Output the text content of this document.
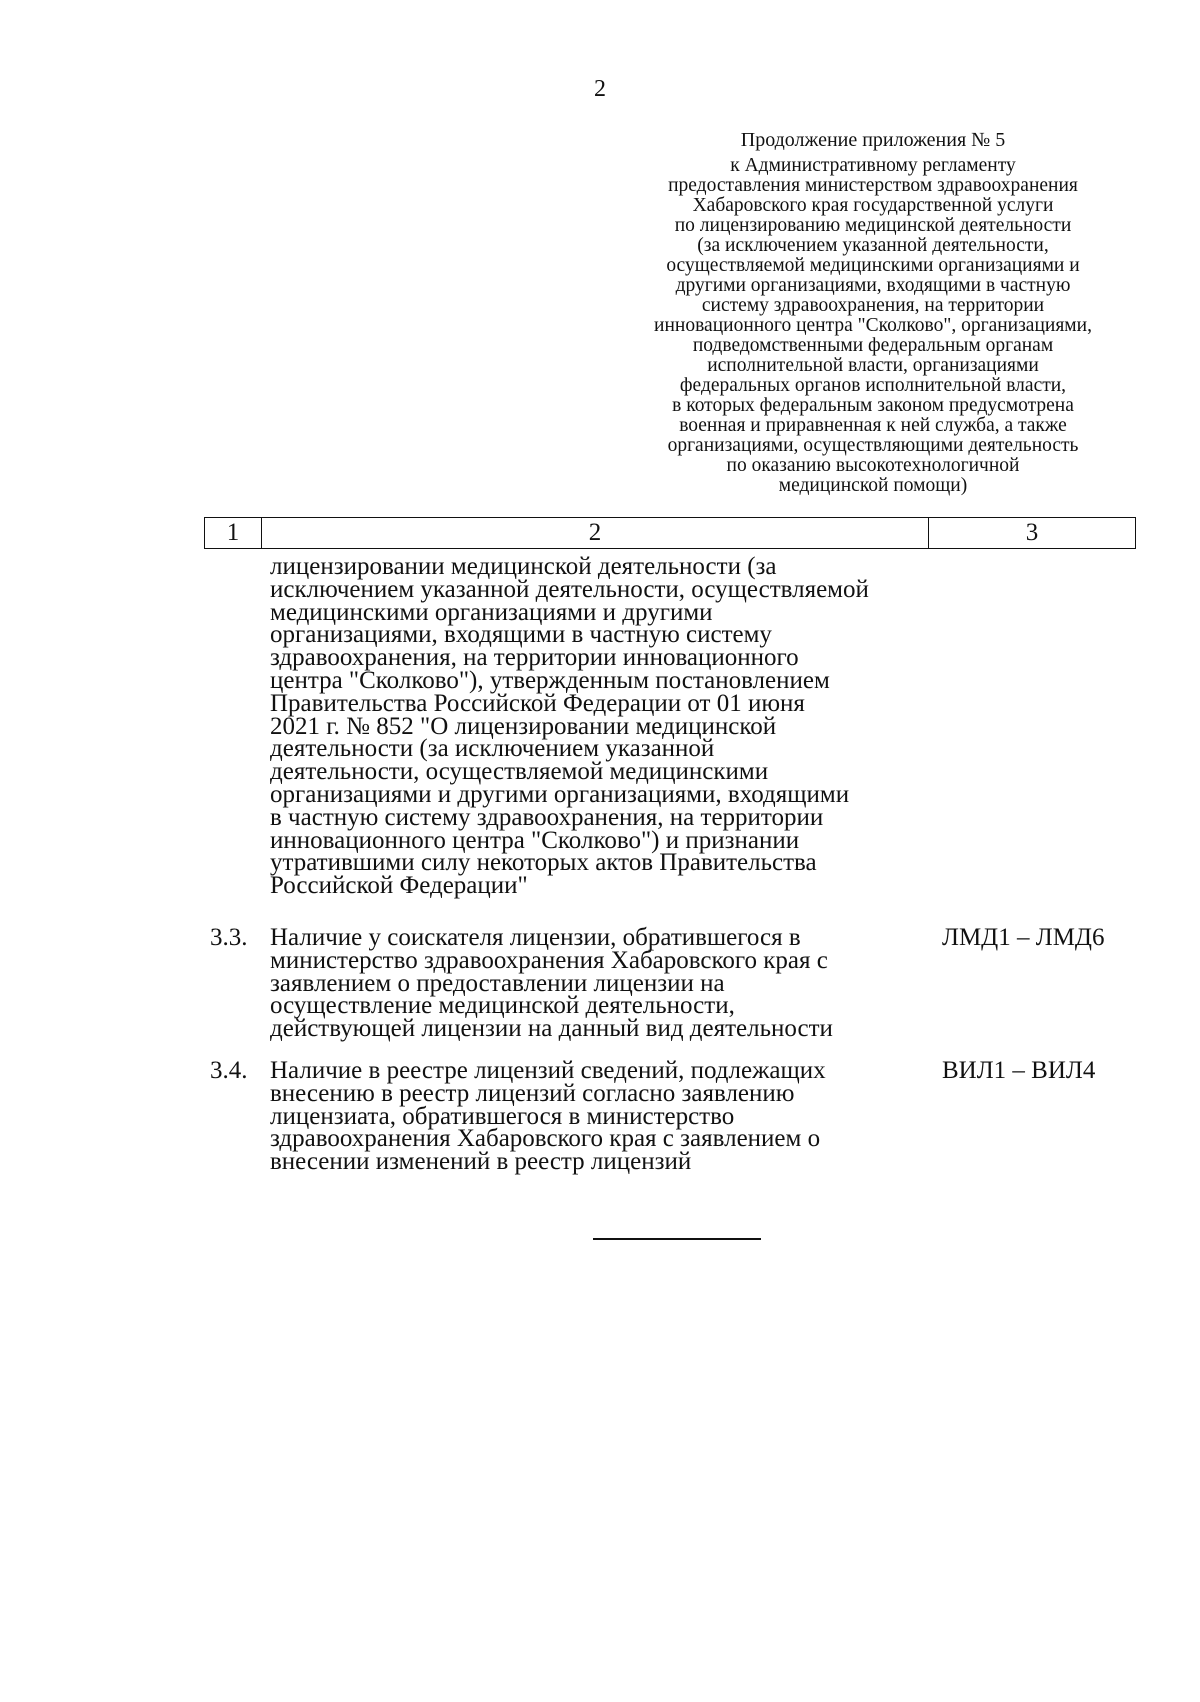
2
Продолжение приложения № 5
к Административному регламенту
предоставления министерством здравоохранения
Хабаровского края государственной услуги
по лицензированию медицинской деятельности
(за исключением указанной деятельности,
осуществляемой медицинскими организациями и
другими организациями, входящими в частную
систему здравоохранения, на территории
инновационного центра "Сколково", организациями,
подведомственными федеральным органам
исполнительной власти, организациями
федеральных органов исполнительной власти,
в которых федеральным законом предусмотрена
военная и приравненная к ней служба, а также
организациями, осуществляющими деятельность
по оказанию высокотехнологичной
медицинской помощи)
1	2	3
лицензировании медицинской деятельности (за
исключением указанной деятельности, осуществляемой
медицинскими организациями и другими
организациями, входящими в частную систему
здравоохранения, на территории инновационного
центра "Сколково"), утвержденным постановлением
Правительства Российской Федерации от 01 июня
2021 г. № 852 "О лицензировании медицинской
деятельности (за исключением указанной
деятельности, осуществляемой медицинскими
организациями и другими организациями, входящими
в частную систему здравоохранения, на территории
инновационного центра "Сколково") и признании
утратившими силу некоторых актов Правительства
Российской Федерации"
3.3. Наличие у соискателя лицензии, обратившегося в
министерство здравоохранения Хабаровского края с
заявлением о предоставлении лицензии на
осуществление медицинской деятельности,
действующей лицензии на данный вид деятельности
ЛМД1 – ЛМД6
3.4. Наличие в реестре лицензий сведений, подлежащих
внесению в реестр лицензий согласно заявлению
лицензиата, обратившегося в министерство
здравоохранения Хабаровского края с заявлением о
внесении изменений в реестр лицензий
ВИЛ1 – ВИЛ4
